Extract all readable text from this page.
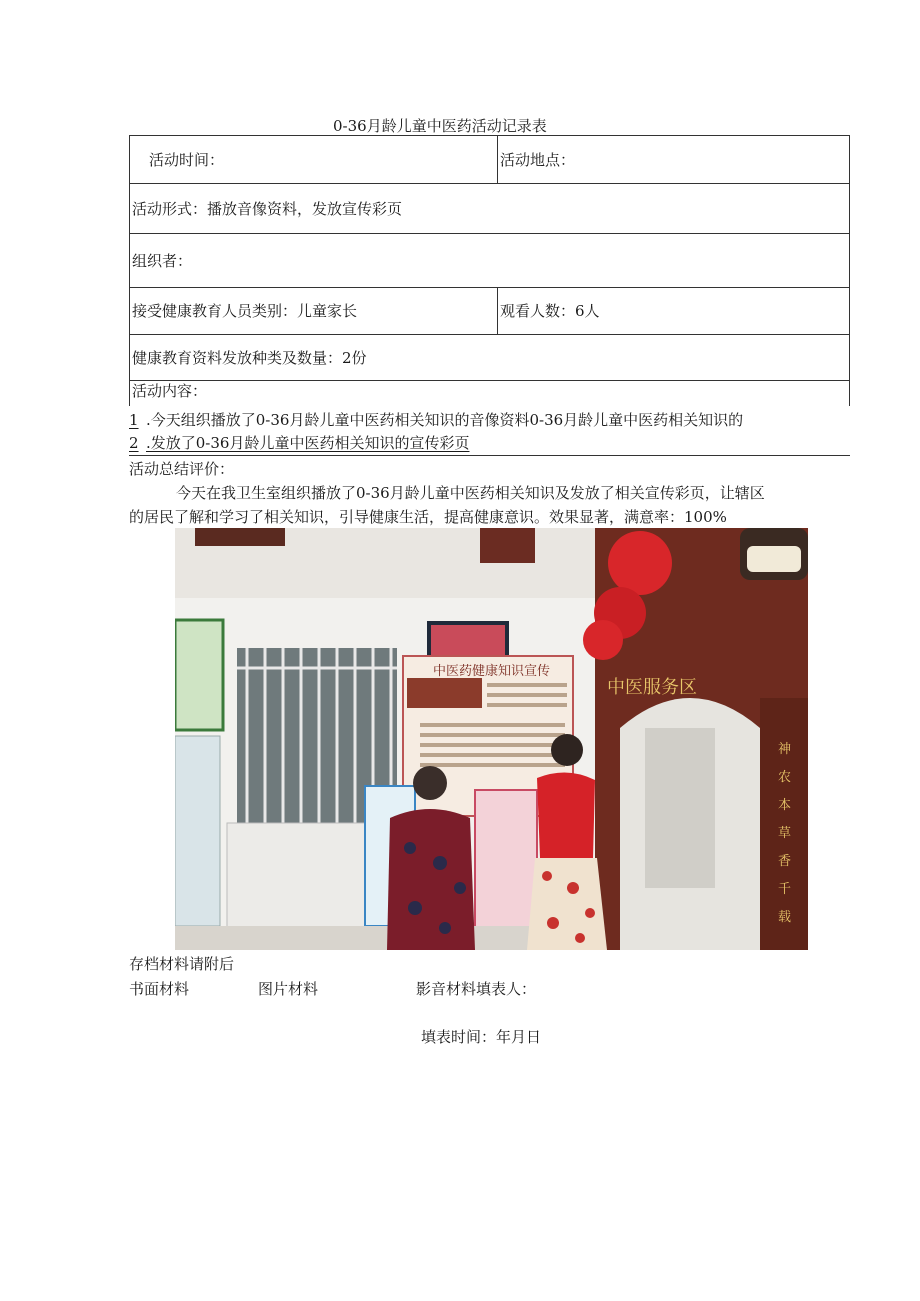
0-36月龄儿童中医药活动记录表
活动时间：	活动地点：
活动形式：播放音像资料，发放宣传彩页
组织者：
接受健康教育人员类别：儿童家长	观看人数：6人
健康教育资料发放种类及数量：2份
活动内容：
1 .今天组织播放了0-36月龄儿童中医药相关知识的音像资料0-36月龄儿童中医药相关知识的
2 .发放了0-36月龄儿童中医药相关知识的宣传彩页
活动总结评价：
今天在我卫生室组织播放了0-36月龄儿童中医药相关知识及发放了相关宣传彩页，让辖区
的居民了解和学习了相关知识，引导健康生活，提高健康意识。效果显著，满意率：100%
中医药健康知识宣传
中医服务区
神
农
本
草
香
千
载
存档材料请附后
书面材料	图片材料	影音材料填表人：
填表时间：年月日
